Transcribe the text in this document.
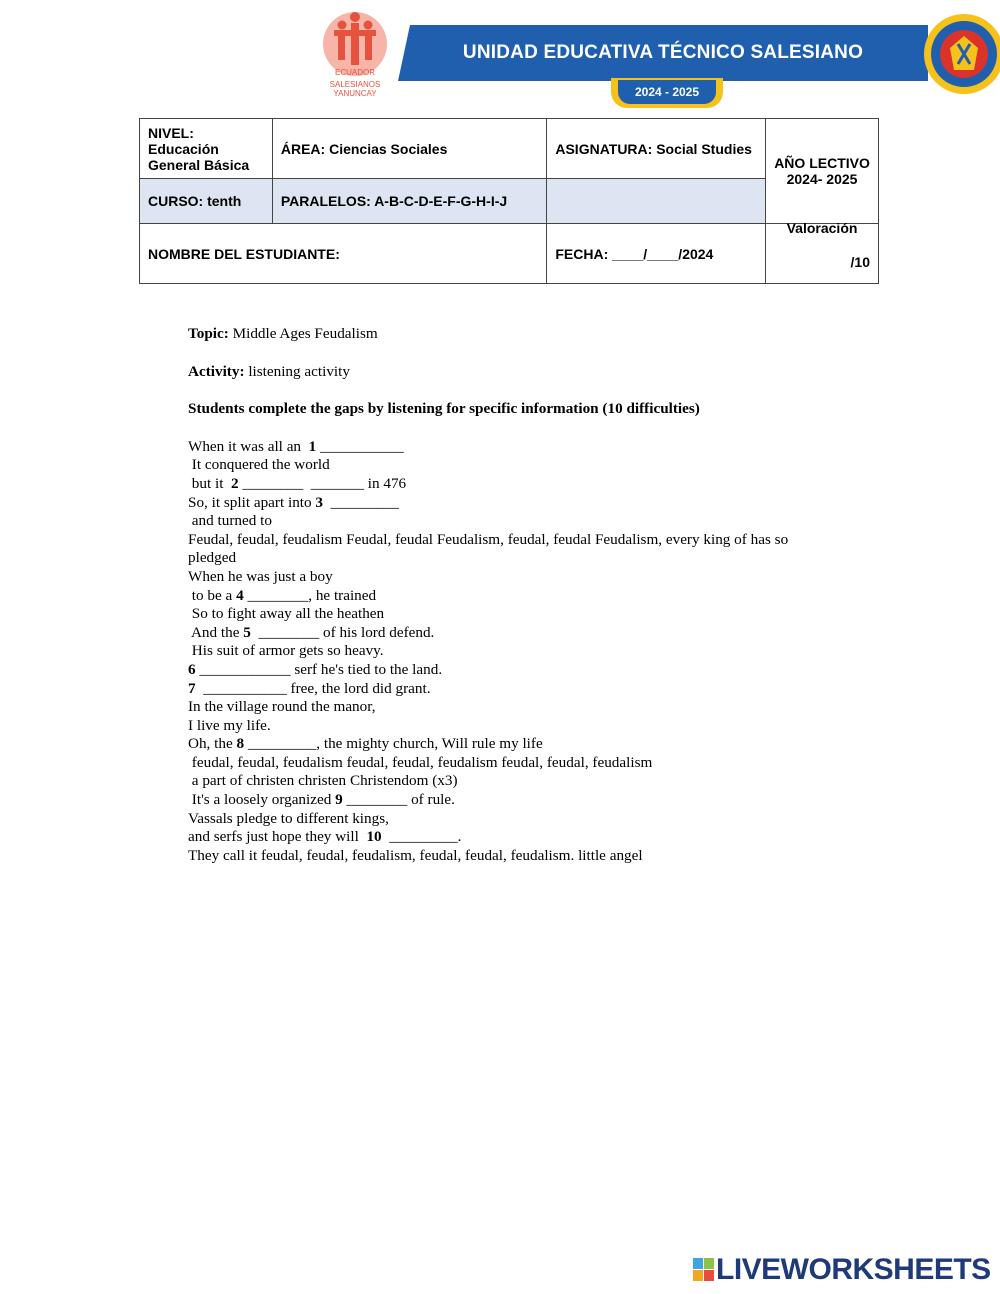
ECUADOR
SALESIANOS
YANUNCAY
UNIDAD EDUCATIVA TÉCNICO SALESIANO
2024 - 2025
NIVEL: Educación General Básica	ÁREA: Ciencias Sociales	ASIGNATURA: Social Studies	AÑO LECTIVO 2024- 2025
CURSO: tenth	PARALELOS: A-B-C-D-E-F-G-H-I-J		
NOMBRE DEL ESTUDIANTE:		FECHA: ____/____/2024	Valoración
/10
Topic: Middle Ages Feudalism
Activity: listening activity
Students complete the gaps by listening for specific information (10 difficulties)
When it was all an  1 ___________
It conquered the world
but it  2 ________  _______ in 476
So, it split apart into 3  _________
and turned to
Feudal, feudal, feudalism Feudal, feudal Feudalism, feudal, feudal Feudalism, every king of has so
pledged
When he was just a boy
to be a 4 ________, he trained
So to fight away all the heathen
And the 5  ________ of his lord defend.
His suit of armor gets so heavy.
6 ____________ serf he's tied to the land.
7  ___________ free, the lord did grant.
In the village round the manor,
I live my life.
Oh, the 8 _________, the mighty church, Will rule my life
feudal, feudal, feudalism feudal, feudal, feudalism feudal, feudal, feudalism
a part of christen christen Christendom (x3)
It's a loosely organized 9 ________ of rule.
Vassals pledge to different kings,
and serfs just hope they will  10  _________.
They call it feudal, feudal, feudalism, feudal, feudal, feudalism. little angel
LIVEWORKSHEETS
